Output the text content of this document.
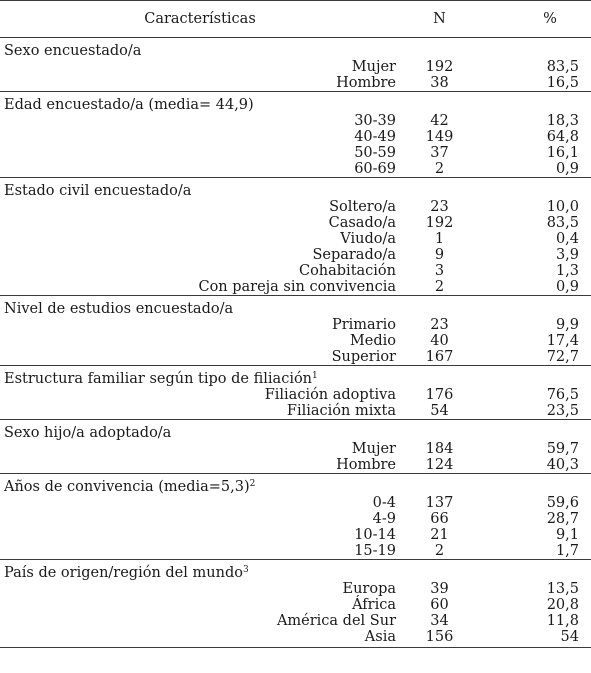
Características	N	%
Sexo encuestado/a		
Mujer	192	83,5
Hombre	38	16,5
Edad encuestado/a (media= 44,9)		
30-39	42	18,3
40-49	149	64,8
50-59	37	16,1
60-69	2	0,9
Estado civil encuestado/a		
Soltero/a	23	10,0
Casado/a	192	83,5
Viudo/a	1	0,4
Separado/a	9	3,9
Cohabitación	3	1,3
Con pareja sin convivencia	2	0,9
Nivel de estudios encuestado/a		
Primario	23	9,9
Medio	40	17,4
Superior	167	72,7
Estructura familiar según tipo de filiación$^1$
Filiación adoptiva	176	76,5
Filiación mixta	54	23,5
Sexo hijo/a adoptado/a		
Mujer	184	59,7
Hombre	124	40,3
Años de convivencia (media=5,3)$^2$
0-4	137	59,6
4-9	66	28,7
10-14	21	9,1
15-19	2	1,7
País de origen/región del mundo$^3$
Europa	39	13,5
África	60	20,8
América del Sur	34	11,8
Asia	156	54
